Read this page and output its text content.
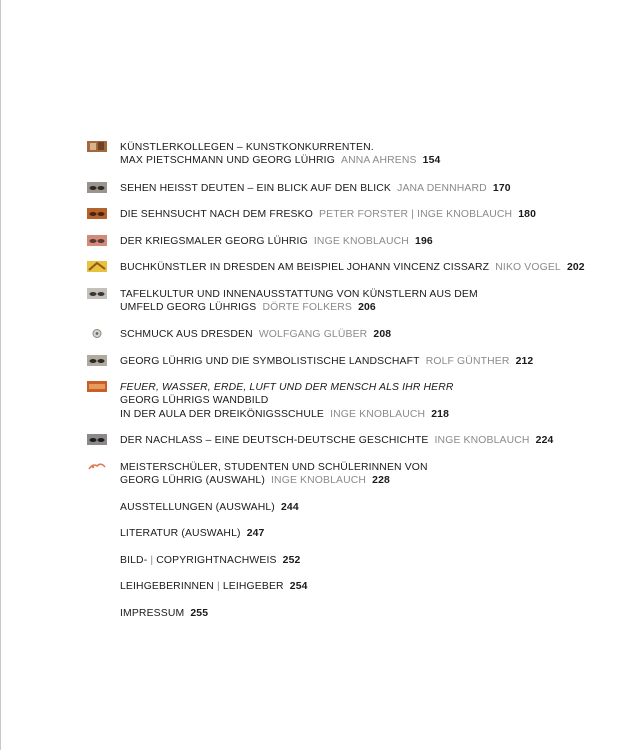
KÜNSTLERKOLLEGEN – KUNSTKONKURRENTEN.
MAX PIETSCHMANN UND GEORG LÜHRIG ANNA AHRENS 154
SEHEN HEISST DEUTEN – EIN BLICK AUF DEN BLICK JANA DENNHARD 170
DIE SEHNSUCHT NACH DEM FRESKO PETER FORSTER | INGE KNOBLAUCH 180
DER KRIEGSMALER GEORG LÜHRIG INGE KNOBLAUCH 196
BUCHKÜNSTLER IN DRESDEN AM BEISPIEL JOHANN VINCENZ CISSARZ NIKO VOGEL 202
TAFELKULTUR UND INNENAUSSTATTUNG VON KÜNSTLERN AUS DEM
UMFELD GEORG LÜHRIGS DÖRTE FOLKERS 206
SCHMUCK AUS DRESDEN WOLFGANG GLÜBER 208
GEORG LÜHRIG UND DIE SYMBOLISTISCHE LANDSCHAFT ROLF GÜNTHER 212
FEUER, WASSER, ERDE, LUFT UND DER MENSCH ALS IHR HERR
GEORG LÜHRIGS WANDBILD
IN DER AULA DER DREIKÖNIGSSCHULE INGE KNOBLAUCH 218
DER NACHLASS – EINE DEUTSCH-DEUTSCHE GESCHICHTE INGE KNOBLAUCH 224
MEISTERSCHÜLER, STUDENTEN UND SCHÜLERINNEN VON
GEORG LÜHRIG (AUSWAHL) INGE KNOBLAUCH 228
AUSSTELLUNGEN (AUSWAHL) 244
LITERATUR (AUSWAHL) 247
BILD- | COPYRIGHTNACHWEIS 252
LEIHGEBERINNEN | LEIHGEBER 254
IMPRESSUM 255
